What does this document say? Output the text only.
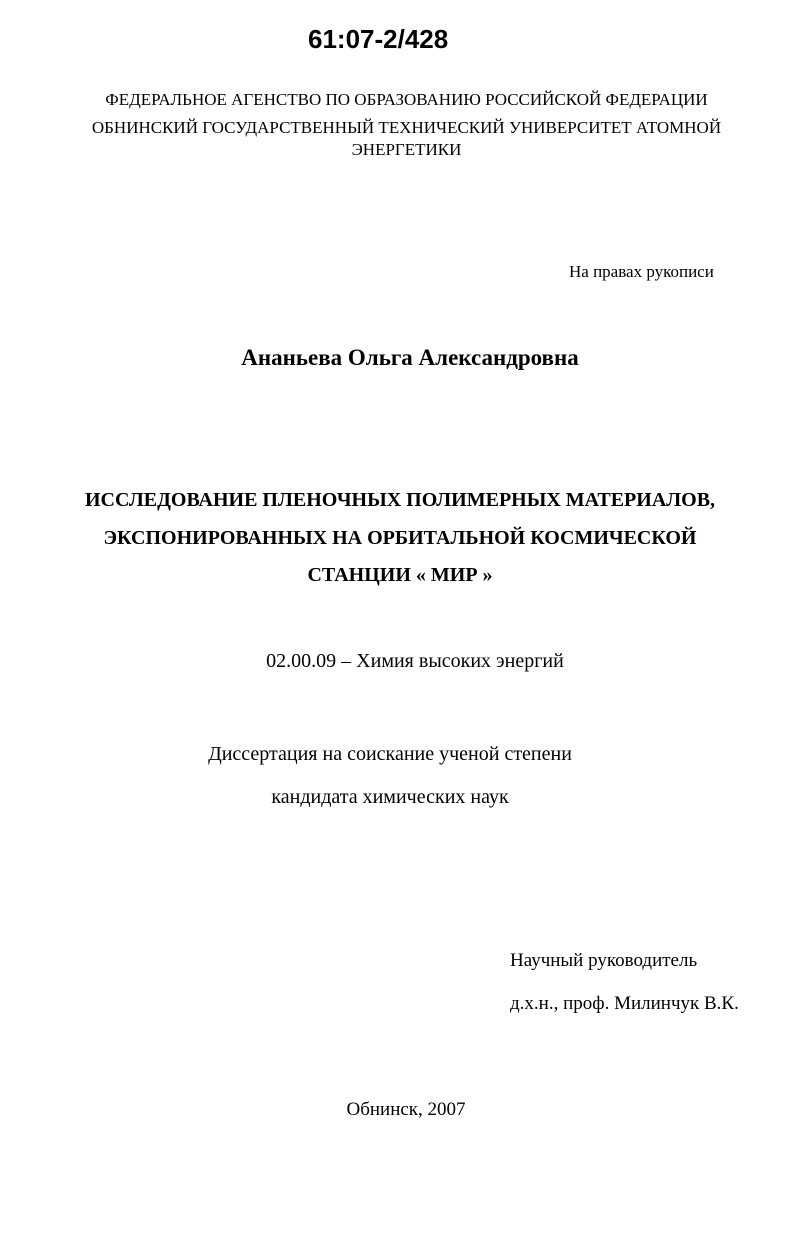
61:07-2/428
ФЕДЕРАЛЬНОЕ АГЕНСТВО ПО ОБРАЗОВАНИЮ РОССИЙСКОЙ ФЕДЕРАЦИИ
ОБНИНСКИЙ ГОСУДАРСТВЕННЫЙ ТЕХНИЧЕСКИЙ УНИВЕРСИТЕТ АТОМНОЙ
ЭНЕРГЕТИКИ
На правах рукописи
Ананьева Ольга Александровна
ИССЛЕДОВАНИЕ ПЛЕНОЧНЫХ ПОЛИМЕРНЫХ МАТЕРИАЛОВ,
ЭКСПОНИРОВАННЫХ НА ОРБИТАЛЬНОЙ КОСМИЧЕСКОЙ
СТАНЦИИ « МИР »
02.00.09 – Химия высоких энергий
Диссертация на соискание ученой степени
кандидата химических наук
Научный руководитель
д.х.н., проф. Милинчук В.К.
Обнинск, 2007
